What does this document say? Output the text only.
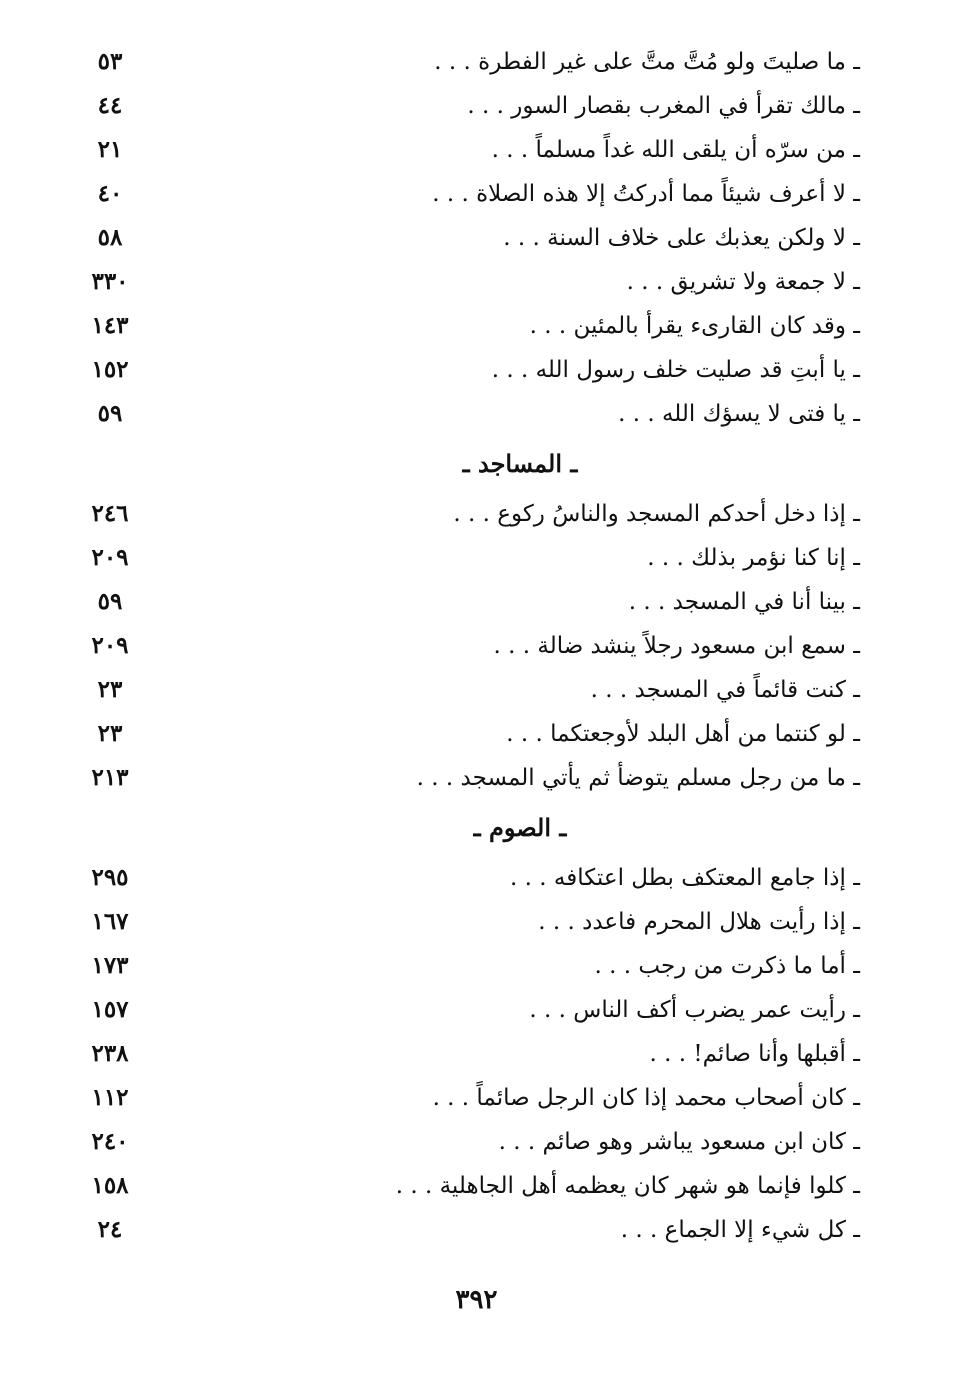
ـ ما صليتَ ولو مُتَّ متَّ على غير الفطرة . . .
٥٣
ـ مالك تقرأ في المغرب بقصار السور . . .
٤٤
ـ من سرّه أن يلقى الله غداً مسلماً . . .
٢١
ـ لا أعرف شيئاً مما أدركتُ إلا هذه الصلاة . . .
٤٠
ـ لا ولكن يعذبك على خلاف السنة . . .
٥٨
ـ لا جمعة ولا تشريق . . .
٣٣٠
ـ وقد كان القارىء يقرأ بالمئين . . .
١٤٣
ـ يا أبتِ قد صليت خلف رسول الله . . .
١٥٢
ـ يا فتى لا يسؤك الله . . .
٥٩
ـ المساجد ـ
ـ إذا دخل أحدكم المسجد والناسُ ركوع . . .
٢٤٦
ـ إنا كنا نؤمر بذلك . . .
٢٠٩
ـ بينا أنا في المسجد . . .
٥٩
ـ سمع ابن مسعود رجلاً ينشد ضالة . . .
٢٠٩
ـ كنت قائماً في المسجد . . .
٢٣
ـ لو كنتما من أهل البلد لأوجعتكما . . .
٢٣
ـ ما من رجل مسلم يتوضأ ثم يأتي المسجد . . .
٢١٣
ـ الصوم ـ
ـ إذا جامع المعتكف بطل اعتكافه . . .
٢٩٥
ـ إذا رأيت هلال المحرم فاعدد . . .
١٦٧
ـ أما ما ذكرت من رجب . . .
١٧٣
ـ رأيت عمر يضرب أكف الناس . . .
١٥٧
ـ أقبلها وأنا صائم! . . .
٢٣٨
ـ كان أصحاب محمد إذا كان الرجل صائماً . . .
١١٢
ـ كان ابن مسعود يباشر وهو صائم . . .
٢٤٠
ـ كلوا فإنما هو شهر كان يعظمه أهل الجاهلية . . .
١٥٨
ـ كل شيء إلا الجماع . . .
٢٤
٣٩٢
